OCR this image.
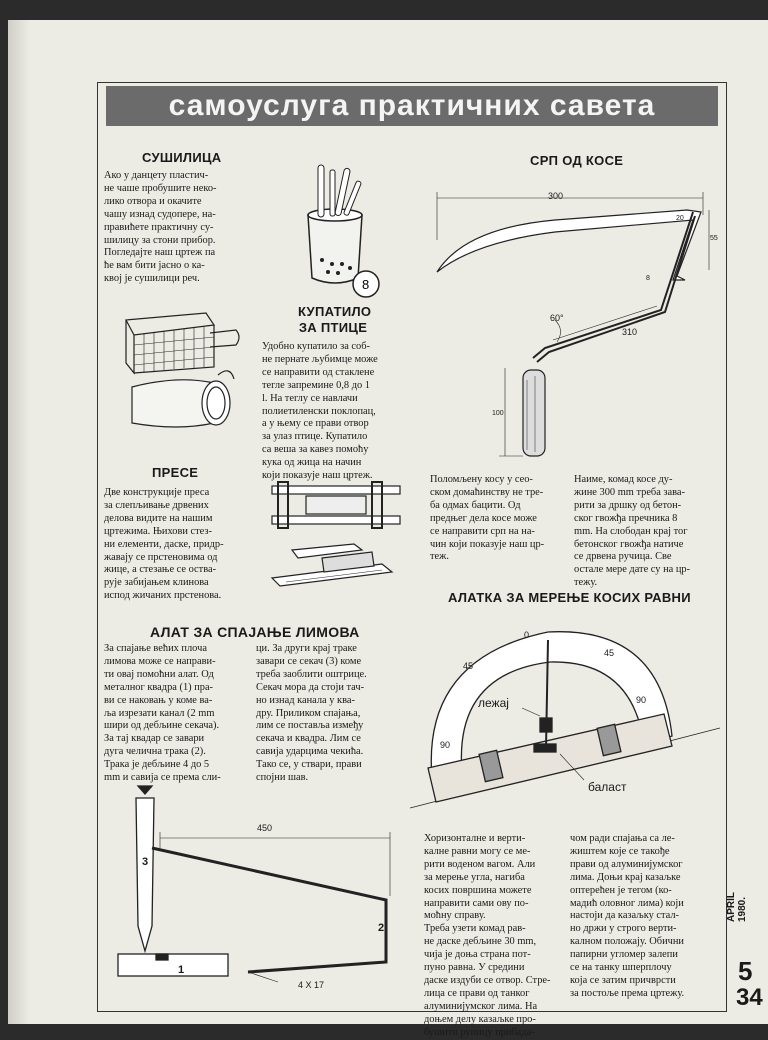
самоуслуга практичних савета
СУШИЛИЦА
Ако у данцету пластич-
не чаше пробушите неко-
лико отвора и окачите
чашу изнад судопере, на-
правићете практичну су-
шилицу за стони прибор.
Погледајте наш цртеж па
ће вам бити јасно о ка-
квој је сушилици реч.	8
КУПАТИЛО
ЗА ПТИЦЕ
Удобно купатило за соб-
не пернате љубимце може
се направити од стаклене
тегле запремине 0,8 до 1
l. На теглу се навлачи
полиетиленски поклопац,
а у њему се прави отвор
за улаз птице. Купатило
са веша за кавез помоћу
кука од жица на начин
који показује наш цртеж.
СРП ОД КОСЕ
300
20
55
8
60°
310
100
Поломљену косу у сео-
ском домаћинству не тре-
ба одмах бацити. Од
предњег дела косе може
се направити срп на на-
чин који показује наш цр-
теж.
Наиме, комад косе ду-
жине 300 mm треба зава-
рити за дршку од бетон-
ског гвожђа пречника 8
mm. На слободан крај тог
бетонског гвожђа натиче
се дрвена ручица. Све
остале мере дате су на цр-
тежу.
ПРЕСЕ
Две конструкције преса
за слепљивање дрвених
делова видите на нашим
цртежима. Њихови стез-
ни елементи, даске, придр-
жавају се прстеновима од
жице, а стезање се оства-
рује забијањем клинова
испод жичаних прстенова.
АЛАТ ЗА СПАЈАЊЕ ЛИМОВА
За спајање већих плоча
лимова може се направи-
ти овај помоћни алат. Од
металног квадра (1) пра-
ви се наковањ у коме ва-
ља изрезати канал (2 mm
шири од дебљине секача).
За тај квадар се завари
дуга челична трака (2).
Трака је дебљине 4 до 5
mm и савија се према сли-
ци. За други крај траке
завари се секач (3) коме
треба заоблити оштрице.
Секач мора да стоји тач-
но изнад канала у ква-
дру. Приликом спајања,
лим се поставља између
секача и квадра. Лим се
савија ударцима чекића.
Тако се, у ствари, прави
спојни шав.
450
3
2
1
4 X 17
АЛАТКА ЗА МЕРЕЊЕ КОСИХ РАВНИ
0
45
45
90
90
лежај
баласт
Хоризонталне и верти-
калне равни могу се ме-
рити воденом вагом. Али
за мерење угла, нагиба
косих површина можете
направити сами ову по-
моћну справу.
Треба узети комад рав-
не даске дебљине 30 mm,
чија је доња страна пот-
пуно равна. У средини
даске издуби се отвор. Стре-
лица се прави од танког
алуминијумског лима. На
доњем делу казаљке про-
бушити рупицу прибада-
чом ради спајања са ле-
жиштем које се такође
прави од алуминијумског
лима. Доњи крај казаљке
оптерећен је тегом (ко-
мадић оловног лима) који
настоји да казаљку стал-
но држи у строго верти-
калном положају. Обични
папирни угломер залепи
се на танку шперплочу
која се затим причврсти
за постоље према цртежу.
APRIL 1980.
5
34
